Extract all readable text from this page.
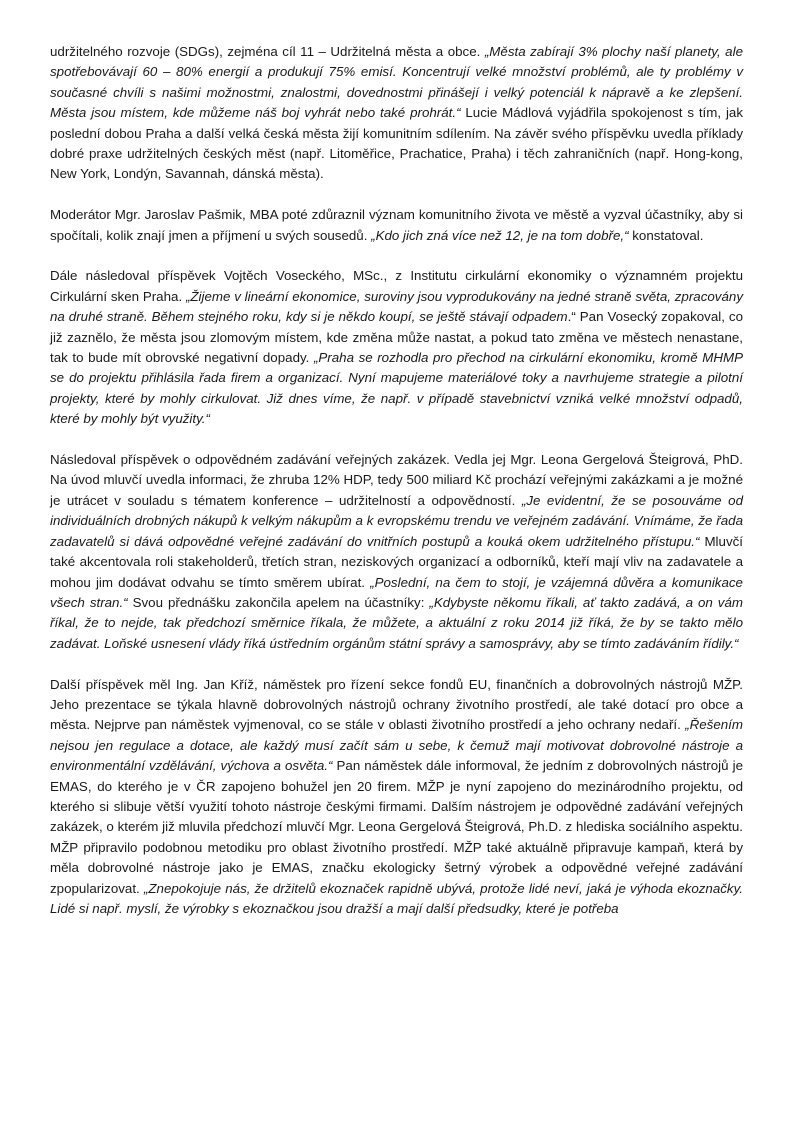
udržitelného rozvoje (SDGs), zejména cíl 11 – Udržitelná města a obce. „Města zabírají 3% plochy naší planety, ale spotřebovávají 60 – 80% energií a produkují 75% emisí. Koncentrují velké množství problémů, ale ty problémy v současné chvíli s našimi možnostmi, znalostmi, dovednostmi přinášejí i velký potenciál k nápravě a ke zlepšení. Města jsou místem, kde můžeme náš boj vyhrát nebo také prohrát.“ Lucie Mádlová vyjádřila spokojenost s tím, jak poslední dobou Praha a další velká česká města žijí komunitním sdílením. Na závěr svého příspěvku uvedla příklady dobré praxe udržitelných českých měst (např. Litoměřice, Prachatice, Praha) i těch zahraničních (např. Hong-kong, New York, Londýn, Savannah, dánská města).

Moderátor Mgr. Jaroslav Pašmik, MBA poté zdůraznil význam komunitního života ve městě a vyzval účastníky, aby si spočítali, kolik znají jmen a příjmení u svých sousedů. „Kdo jich zná více než 12, je na tom dobře,“ konstatoval.

Dále následoval příspěvek Vojtěch Voseckého, MSc., z Institutu cirkulární ekonomiky o významném projektu Cirkulární sken Praha. „Žijeme v lineární ekonomice, suroviny jsou vyprodukovány na jedné straně světa, zpracovány na druhé straně. Během stejného roku, kdy si je někdo koupí, se ještě stávají odpadem.“ Pan Vosecký zopakoval, co již zaznělo, že města jsou zlomovým místem, kde změna může nastat, a pokud tato změna ve městech nenastane, tak to bude mít obrovské negativní dopady. „Praha se rozhodla pro přechod na cirkulární ekonomiku, kromě MHMP se do projektu přihlásila řada firem a organizací. Nyní mapujeme materiálové toky a navrhujeme strategie a pilotní projekty, které by mohly cirkulovat. Již dnes víme, že např. v případě stavebnictví vzniká velké množství odpadů, které by mohly být využity.“

Následoval příspěvek o odpovědném zadávání veřejných zakázek. Vedla jej Mgr. Leona Gergelová Šteigrová, PhD. Na úvod mluvčí uvedla informaci, že zhruba 12% HDP, tedy 500 miliard Kč prochází veřejnými zakázkami a je možné je utrácet v souladu s tématem konference – udržitelností a odpovědností. „Je evidentní, že se posouváme od individuálních drobných nákupů k velkým nákupům a k evropskému trendu ve veřejném zadávání. Vnímáme, že řada zadavatelů si dává odpovědné veřejné zadávání do vnitřních postupů a kouká okem udržitelného přístupu.“ Mluvčí také akcentovala roli stakeholderů, třetích stran, neziskových organizací a odborníků, kteří mají vliv na zadavatele a mohou jim dodávat odvahu se tímto směrem ubírat. „Poslední, na čem to stojí, je vzájemná důvěra a komunikace všech stran.“ Svou přednášku zakončila apelem na účastníky: „Kdybyste někomu říkali, ať takto zadává, a on vám říkal, že to nejde, tak předchozí směrnice říkala, že můžete, a aktuální z roku 2014 již říká, že by se takto mělo zadávat. Loňské usnesení vlády říká ústředním orgánům státní správy a samosprávy, aby se tímto zadáváním řídily.“

Další příspěvek měl Ing. Jan Kříž, náměstek pro řízení sekce fondů EU, finančních a dobrovolných nástrojů MŽP. Jeho prezentace se týkala hlavně dobrovolných nástrojů ochrany životního prostředí, ale také dotací pro obce a města. Nejprve pan náměstek vyjmenoval, co se stále v oblasti životního prostředí a jeho ochrany nedaří. „Řešením nejsou jen regulace a dotace, ale každý musí začít sám u sebe, k čemuž mají motivovat dobrovolné nástroje a environmentální vzdělávání, výchova a osvěta.“ Pan náměstek dále informoval, že jedním z dobrovolných nástrojů je EMAS, do kterého je v ČR zapojeno bohužel jen 20 firem. MŽP je nyní zapojeno do mezinárodního projektu, od kterého si slibuje větší využití tohoto nástroje českými firmami. Dalším nástrojem je odpovědné zadávání veřejných zakázek, o kterém již mluvila předchozí mluvčí Mgr. Leona Gergelová Šteigrová, Ph.D. z hlediska sociálního aspektu. MŽP připravilo podobnou metodiku pro oblast životního prostředí. MŽP také aktuálně připravuje kampaň, která by měla dobrovolné nástroje jako je EMAS, značku ekologicky šetrný výrobek a odpovědné veřejné zadávání zpopularizovat. „Znepokojuje nás, že držitelů ekoznaček rapidně ubývá, protože lidé neví, jaká je výhoda ekoznačky. Lidé si např. myslí, že výrobky s ekoznačkou jsou dražší a mají další předsudky, které je potřeba
